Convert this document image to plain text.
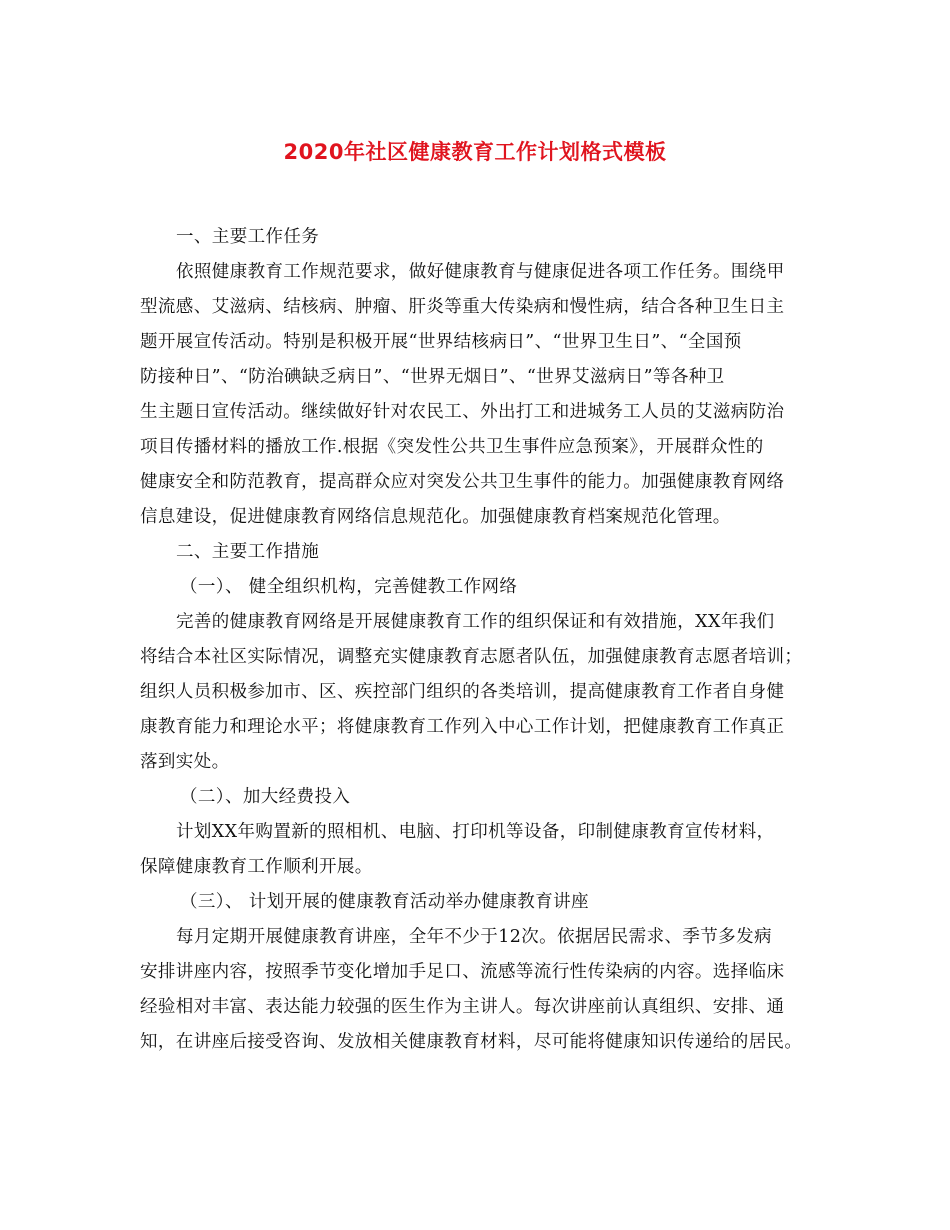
2020年社区健康教育工作计划格式模板
一、主要工作任务
依照健康教育工作规范要求，做好健康教育与健康促进各项工作任务。围绕甲
型流感、艾滋病、结核病、肿瘤、肝炎等重大传染病和慢性病，结合各种卫生日主
题开展宣传活动。特别是积极开展“世界结核病日”、“世界卫生日”、“全国预
防接种日”、“防治碘缺乏病日”、“世界无烟日”、“世界艾滋病日”等各种卫
生主题日宣传活动。继续做好针对农民工、外出打工和进城务工人员的艾滋病防治
项目传播材料的播放工作.根据《突发性公共卫生事件应急预案》，开展群众性的
健康安全和防范教育，提高群众应对突发公共卫生事件的能力。加强健康教育网络
信息建设，促进健康教育网络信息规范化。加强健康教育档案规范化管理。
二、主要工作措施
（一）、 健全组织机构，完善健教工作网络
完善的健康教育网络是开展健康教育工作的组织保证和有效措施，XX年我们
将结合本社区实际情况，调整充实健康教育志愿者队伍，加强健康教育志愿者培训；
组织人员积极参加市、区、疾控部门组织的各类培训，提高健康教育工作者自身健
康教育能力和理论水平；将健康教育工作列入中心工作计划，把健康教育工作真正
落到实处。
（二）、加大经费投入
计划XX年购置新的照相机、电脑、打印机等设备，印制健康教育宣传材料，
保障健康教育工作顺利开展。
（三）、 计划开展的健康教育活动举办健康教育讲座
每月定期开展健康教育讲座，全年不少于12次。依据居民需求、季节多发病
安排讲座内容，按照季节变化增加手足口、流感等流行性传染病的内容。选择临床
经验相对丰富、表达能力较强的医生作为主讲人。每次讲座前认真组织、安排、通
知，在讲座后接受咨询、发放相关健康教育材料，尽可能将健康知识传递给的居民。
